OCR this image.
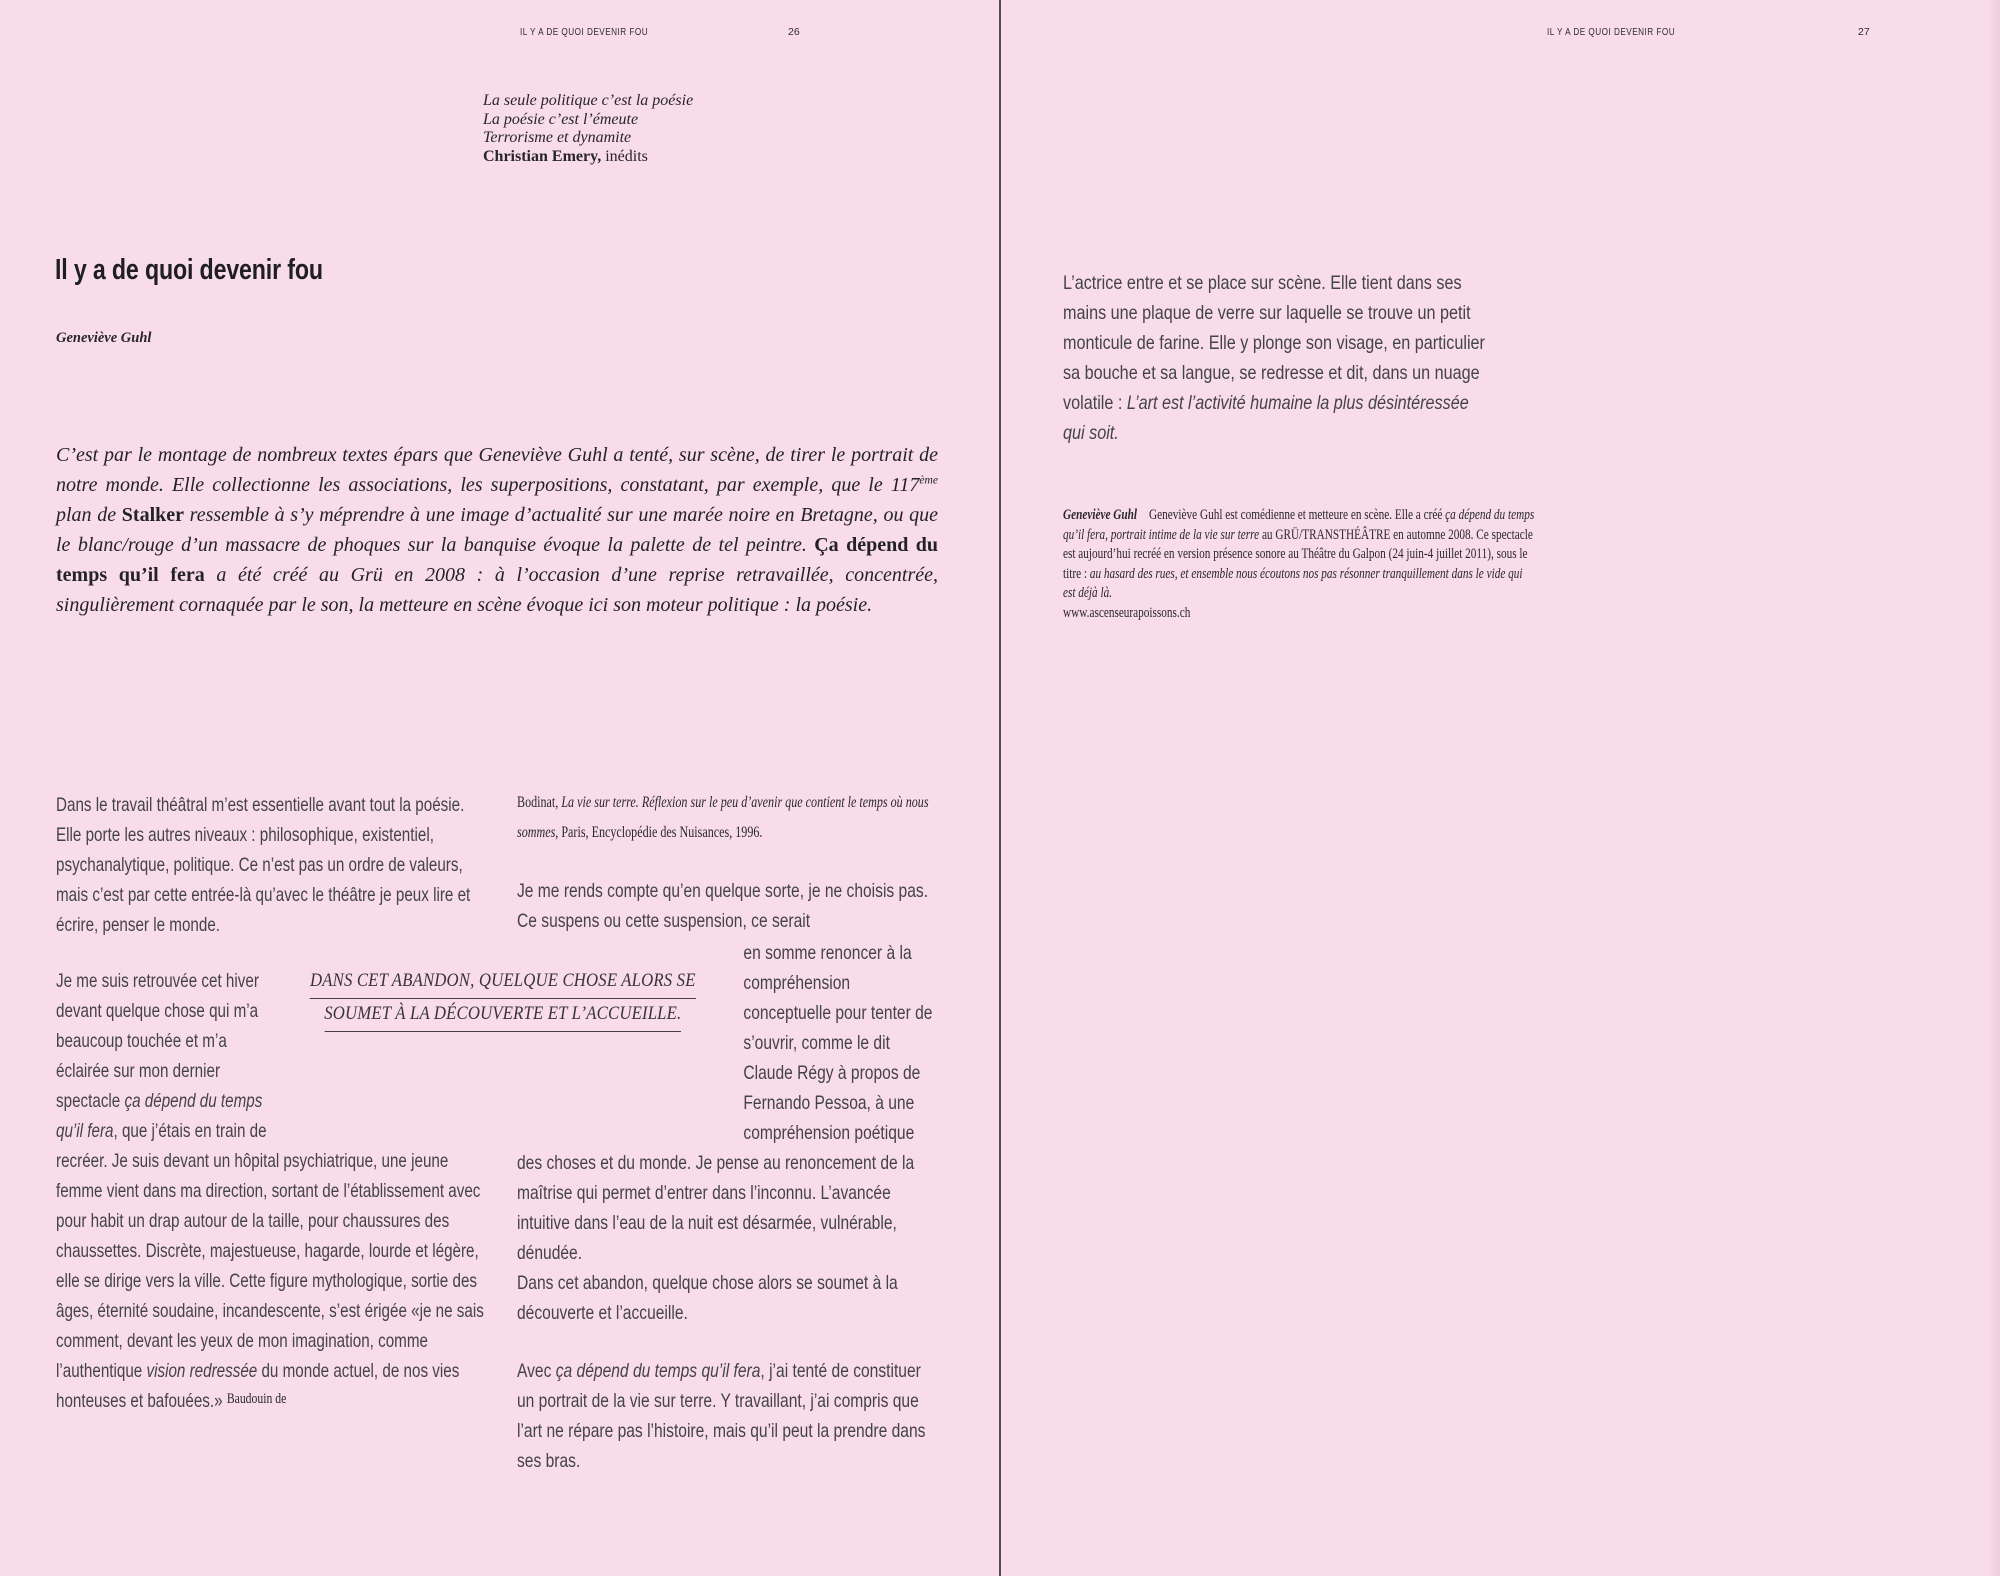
IL Y A DE QUOI DEVENIR FOU	26
La seule politique c’est la poésie
La poésie c’est l’émeute
Terrorisme et dynamite
Christian Emery, inédits
Il y a de quoi devenir fou
Geneviève Guhl

C’est par le montage de nombreux textes épars que Geneviève Guhl a tenté, sur scène, de tirer le portrait de notre monde. Elle collectionne les associations, les superpositions, constatant, par exemple, que le 117ème plan de Stalker ressemble à s’y méprendre à une image d’actualité sur une marée noire en Bretagne, ou que le blanc/rouge d’un massacre de phoques sur la banquise évoque la palette de tel peintre. Ça dépend du temps qu’il fera a été créé au Grü en 2008 : à l’occasion d’une reprise retravaillée, concentrée, singulièrement cornaquée par le son, la metteure en scène évoque ici son moteur politique : la poésie.

Dans le travail théâtral m’est essentielle avant tout la poésie. Elle porte les autres niveaux : philosophique, existentiel, psychanalytique, politique. Ce n’est pas un ordre de valeurs, mais c’est par cette entrée-là qu’avec le théâtre je peux lire et écrire, penser le monde.

Je me suis retrouvée cet hiver devant quelque chose qui m’a beaucoup touchée et m’a éclairée sur mon dernier spectacle ça dépend du temps qu’il fera, que j’étais en train de recréer. Je suis devant un hôpital psychiatrique, une jeune femme vient dans ma direction, sortant de l’établissement avec pour habit un drap autour de la taille, pour chaussures des chaussettes. Discrète, majestueuse, hagarde, lourde et légère, elle se dirige vers la ville. Cette figure mythologique, sortie des âges, éternité soudaine, incandescente, s’est érigée «je ne sais comment, devant les yeux de mon imagination, comme l’authentique vision redressée du monde actuel, de nos vies honteuses et bafouées.» $^{Baudouin de}$

DANS CET ABANDON, QUELQUE CHOSE ALORS SE
SOUMET À LA DÉCOUVERTE ET L’ACCUEILLE.

Bodinat, La vie sur terre. Réflexion sur le peu d’avenir que contient le temps où nous sommes, Paris, Encyclopédie des Nuisances, 1996.

Je me rends compte qu’en quelque sorte, je ne choisis pas. Ce suspens ou cette suspension, ce serait

en somme renoncer à la compréhension conceptuelle pour tenter de s’ouvrir, comme le dit Claude Régy à propos de Fernando Pessoa, à une compréhension poétique des choses et du monde. Je pense au renoncement de la maîtrise qui permet d’entrer dans l’inconnu. L’avancée intuitive dans l’eau de la nuit est désarmée, vulnérable, dénudée.

Dans cet abandon, quelque chose alors se soumet à la découverte et l’accueille.

Avec ça dépend du temps qu’il fera, j’ai tenté de constituer un portrait de la vie sur terre. Y travaillant, j’ai compris que l’art ne répare pas l’histoire, mais qu’il peut la prendre dans ses bras.

IL Y A DE QUOI DEVENIR FOU	27

L’actrice entre et se place sur scène. Elle tient dans ses mains une plaque de verre sur laquelle se trouve un petit monticule de farine. Elle y plonge son visage, en particulier sa bouche et sa langue, se redresse et dit, dans un nuage volatile : L’art est l’activité humaine la plus désintéressée qui soit.

Geneviève Guhl Geneviève Guhl est comédienne et metteure en scène. Elle a créé ça dépend du temps qu’il fera, portrait intime de la vie sur terre au GRÜ/TRANSTHÉÂTRE en automne 2008. Ce spectacle est aujourd’hui recréé en version présence sonore au Théâtre du Galpon (24 juin-4 juillet 2011), sous le titre : au hasard des rues, et ensemble nous écoutons nos pas résonner tranquillement dans le vide qui est déjà là.
www.ascenseurapoissons.ch
